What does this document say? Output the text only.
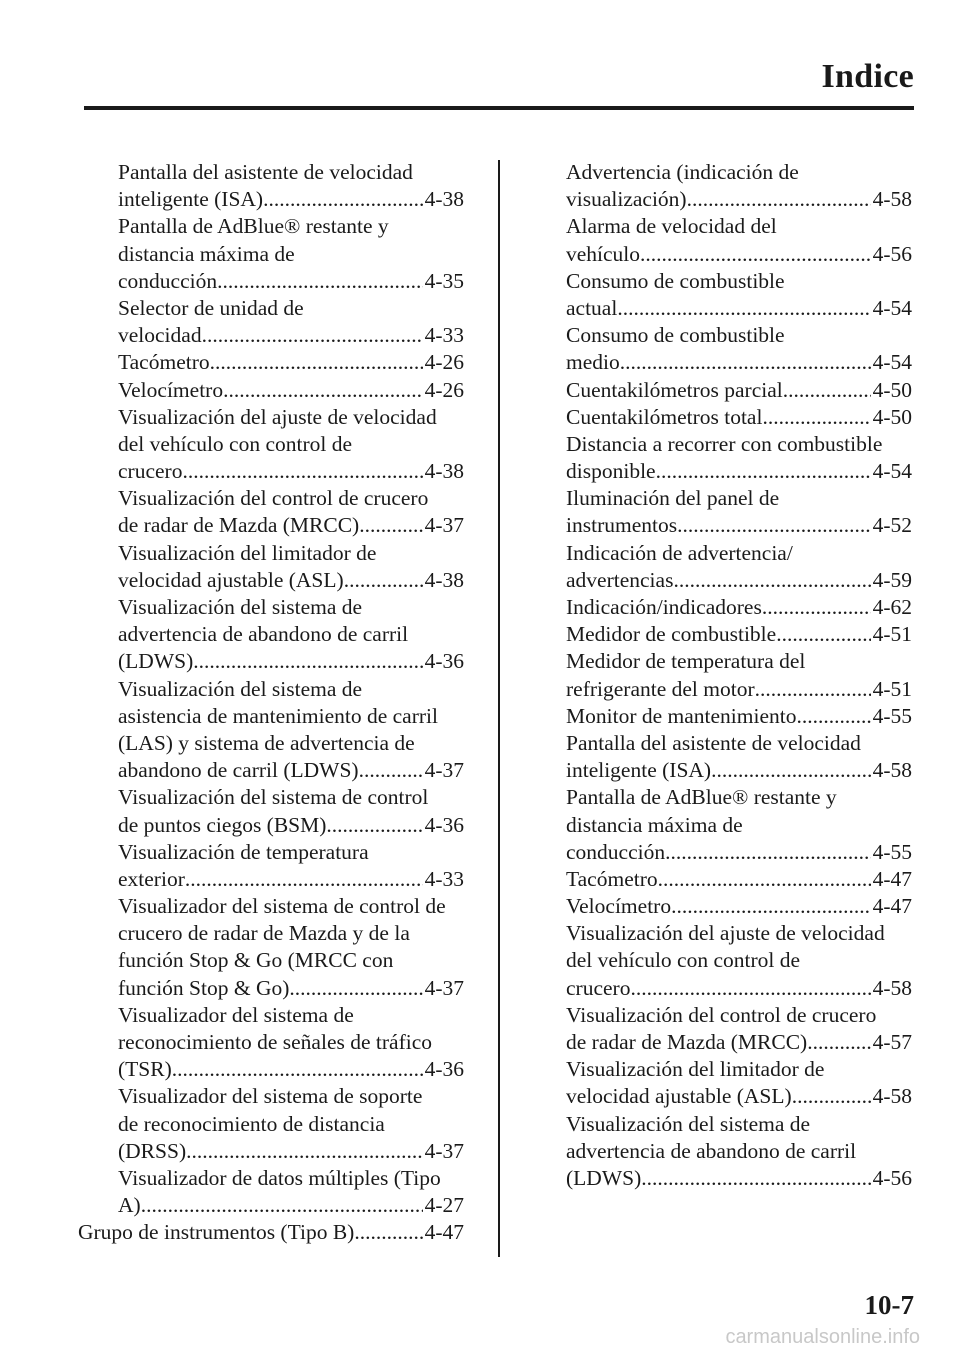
Indice
Pantalla del asistente de velocidad
inteligente (ISA) .....	4-38
Pantalla de AdBlue® restante y
distancia máxima de
conducción .....	4-35
Selector de unidad de
velocidad .....	4-33
Tacómetro .....	4-26
Velocímetro .....	4-26
Visualización del ajuste de velocidad
del vehículo con control de
crucero .....	4-38
Visualización del control de crucero
de radar de Mazda (MRCC) .....	4-37
Visualización del limitador de
velocidad ajustable (ASL) .....	4-38
Visualización del sistema de
advertencia de abandono de carril
(LDWS) .....	4-36
Visualización del sistema de
asistencia de mantenimiento de carril
(LAS) y sistema de advertencia de
abandono de carril (LDWS) .....	4-37
Visualización del sistema de control
de puntos ciegos (BSM) .....	4-36
Visualización de temperatura
exterior .....	4-33
Visualizador del sistema de control de
crucero de radar de Mazda y de la
función Stop & Go (MRCC con
función Stop & Go) .....	4-37
Visualizador del sistema de
reconocimiento de señales de tráfico
(TSR) .....	4-36
Visualizador del sistema de soporte
de reconocimiento de distancia
(DRSS) .....	4-37
Visualizador de datos múltiples (Tipo
A) .....	4-27
Grupo de instrumentos (Tipo B) .....	4-47
Advertencia (indicación de
visualización) .....	4-58
Alarma de velocidad del
vehículo .....	4-56
Consumo de combustible
actual .....	4-54
Consumo de combustible
medio .....	4-54
Cuentakilómetros parcial .....	4-50
Cuentakilómetros total .....	4-50
Distancia a recorrer con combustible
disponible .....	4-54
Iluminación del panel de
instrumentos .....	4-52
Indicación de advertencia/
advertencias .....	4-59
Indicación/indicadores .....	4-62
Medidor de combustible .....	4-51
Medidor de temperatura del
refrigerante del motor .....	4-51
Monitor de mantenimiento .....	4-55
Pantalla del asistente de velocidad
inteligente (ISA) .....	4-58
Pantalla de AdBlue® restante y
distancia máxima de
conducción .....	4-55
Tacómetro .....	4-47
Velocímetro .....	4-47
Visualización del ajuste de velocidad
del vehículo con control de
crucero .....	4-58
Visualización del control de crucero
de radar de Mazda (MRCC) .....	4-57
Visualización del limitador de
velocidad ajustable (ASL) .....	4-58
Visualización del sistema de
advertencia de abandono de carril
(LDWS) .....	4-56
10-7
carmanualsonline.info
